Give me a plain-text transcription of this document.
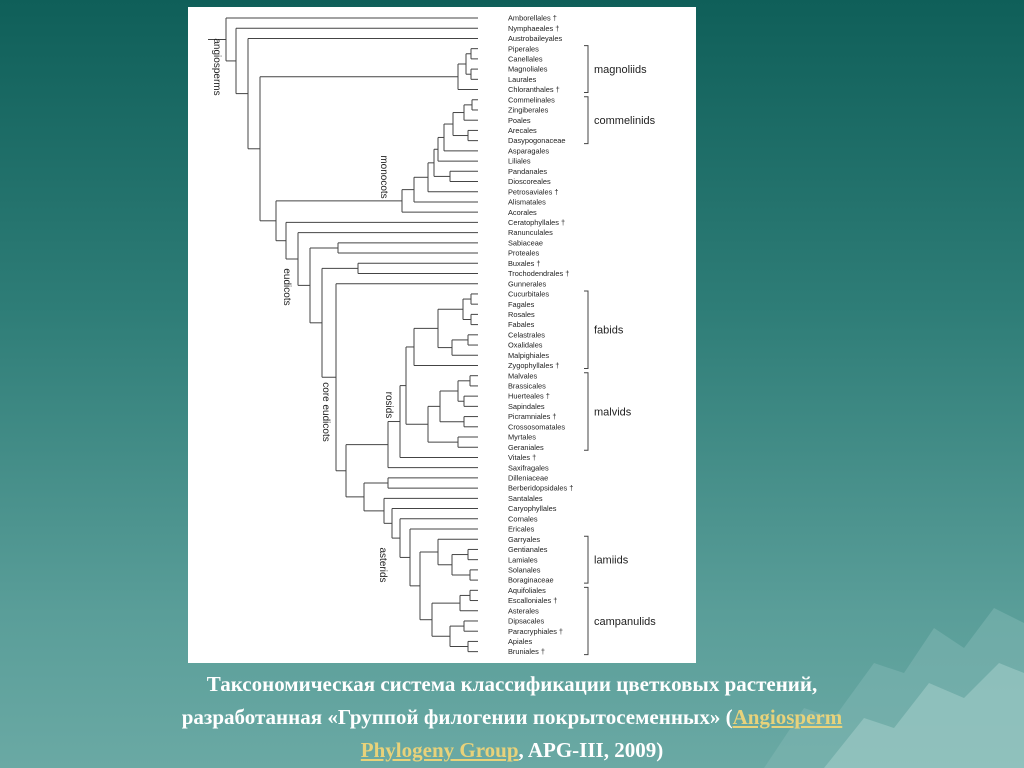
Amborellales †
Nymphaeales †
Austrobaileyales
Piperales
Canellales
Magnoliales
Laurales
Chloranthales †
Commelinales
Zingiberales
Poales
Arecales
Dasypogonaceae
Asparagales
Liliales
Pandanales
Dioscoreales
Petrosaviales †
Alismatales
Acorales
Ceratophyllales †
Ranunculales
Sabiaceae
Proteales
Buxales †
Trochodendrales †
Gunnerales
Cucurbitales
Fagales
Rosales
Fabales
Celastrales
Oxalidales
Malpighiales
Zygophyllales †
Malvales
Brassicales
Huerteales †
Sapindales
Picramniales †
Crossosomatales
Myrtales
Geraniales
Vitales †
Saxifragales
Dilleniaceae
Berberidopsidales †
Santalales
Caryophyllales
Cornales
Ericales
Garryales
Gentianales
Lamiales
Solanales
Boraginaceae
Aquifoliales
Escalloniales †
Asterales
Dipsacales
Paracryphiales †
Apiales
Bruniales †
magnoliids
commelinids
fabids
malvids
lamiids
campanulids
angiosperms
monocots
eudicots
core eudicots	rosids
asterids
Таксономическая система классификации цветковых растений,
разработанная «Группой филогении покрытосеменных» (Angiosperm
Phylogeny Group, APG-III, 2009)
